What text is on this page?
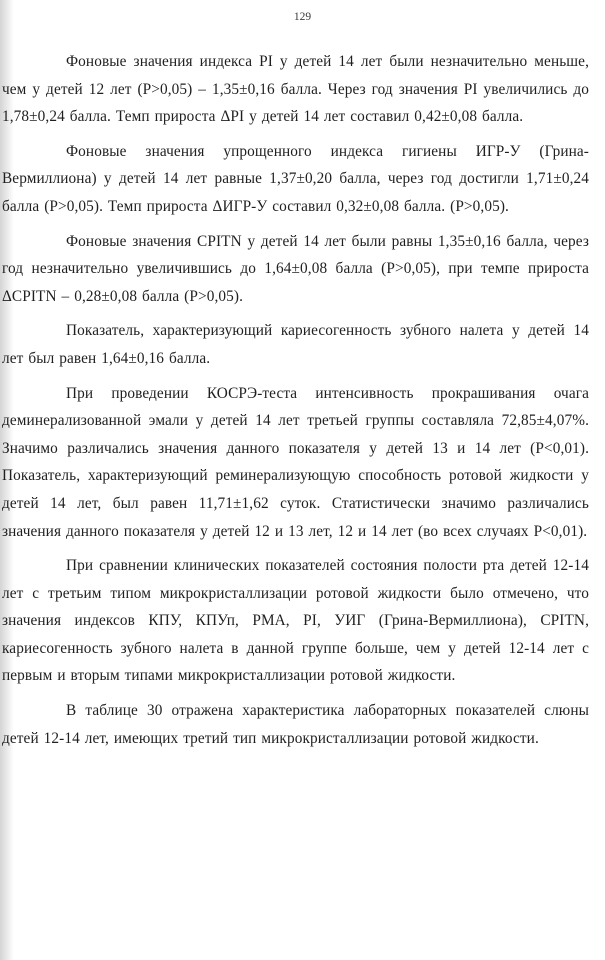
129

Фоновые значения индекса PI у детей 14 лет были незначительно меньше, чем у детей 12 лет (P>0,05) – 1,35±0,16 балла. Через год значения PI увеличились до 1,78±0,24 балла. Темп прироста ΔPI у детей 14 лет составил 0,42±0,08 балла.

Фоновые значения упрощенного индекса гигиены ИГР-У (Грина-Вермиллиона) у детей 14 лет равные 1,37±0,20 балла, через год достигли 1,71±0,24 балла (P>0,05). Темп прироста ΔИГР-У составил 0,32±0,08 балла. (P>0,05).

Фоновые значения CPITN у детей 14 лет были равны 1,35±0,16 балла, через год незначительно увеличившись до 1,64±0,08 балла (P>0,05), при темпе прироста ΔCPITN – 0,28±0,08 балла (P>0,05).

Показатель, характеризующий кариесогенность зубного налета у детей 14 лет был равен 1,64±0,16 балла.

При проведении КОСРЭ-теста интенсивность прокрашивания очага деминерализованной эмали у детей 14 лет третьей группы составляла 72,85±4,07%. Значимо различались значения данного показателя у детей 13 и 14 лет (P<0,01). Показатель, характеризующий реминерализующую способность ротовой жидкости у детей 14 лет, был равен 11,71±1,62 суток. Статистически значимо различались значения данного показателя у детей 12 и 13 лет, 12 и 14 лет (во всех случаях P<0,01).

При сравнении клинических показателей состояния полости рта детей 12-14 лет с третьим типом микрокристаллизации ротовой жидкости было отмечено, что значения индексов КПУ, КПУп, PMA, PI, УИГ (Грина-Вермиллиона), CPITN, кариесогенность зубного налета в данной группе больше, чем у детей 12-14 лет с первым и вторым типами микрокристаллизации ротовой жидкости.

В таблице 30 отражена характеристика лабораторных показателей слюны детей 12-14 лет, имеющих третий тип микрокристаллизации ротовой жидкости.
